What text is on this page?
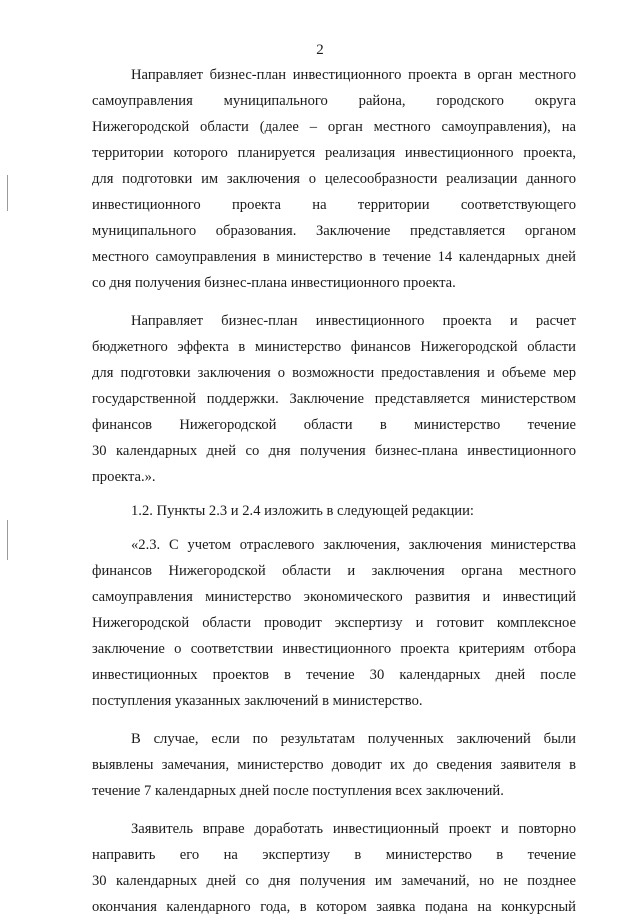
2
Направляет бизнес-план инвестиционного проекта в орган местного
самоуправления муниципального района, городского округа
Нижегородской области (далее – орган местного самоуправления), на
территории которого планируется реализация инвестиционного проекта,
для подготовки им заключения о целесообразности реализации данного
инвестиционного проекта на территории соответствующего
муниципального образования. Заключение представляется органом
местного самоуправления в министерство в течение 14 календарных дней
со дня получения бизнес-плана инвестиционного проекта.
Направляет бизнес-план инвестиционного проекта и расчет
бюджетного эффекта в министерство финансов Нижегородской области
для подготовки заключения о возможности предоставления и объеме мер
государственной поддержки. Заключение представляется министерством
финансов Нижегородской области в министерство течение
30 календарных дней со дня получения бизнес-плана инвестиционного
проекта.».
1.2. Пункты 2.3 и 2.4 изложить в следующей редакции:
«2.3. С учетом отраслевого заключения, заключения министерства
финансов Нижегородской области и заключения органа местного
самоуправления министерство экономического развития и инвестиций
Нижегородской области проводит экспертизу и готовит комплексное
заключение о соответствии инвестиционного проекта критериям отбора
инвестиционных проектов в течение 30 календарных дней после
поступления указанных заключений в министерство.
В случае, если по результатам полученных заключений были
выявлены замечания, министерство доводит их до сведения заявителя в
течение 7 календарных дней после поступления всех заключений.
Заявитель вправе доработать инвестиционный проект и повторно
направить его на экспертизу в министерство в течение
30 календарных дней со дня получения им замечаний, но не позднее
окончания календарного года, в котором заявка подана на конкурсный
